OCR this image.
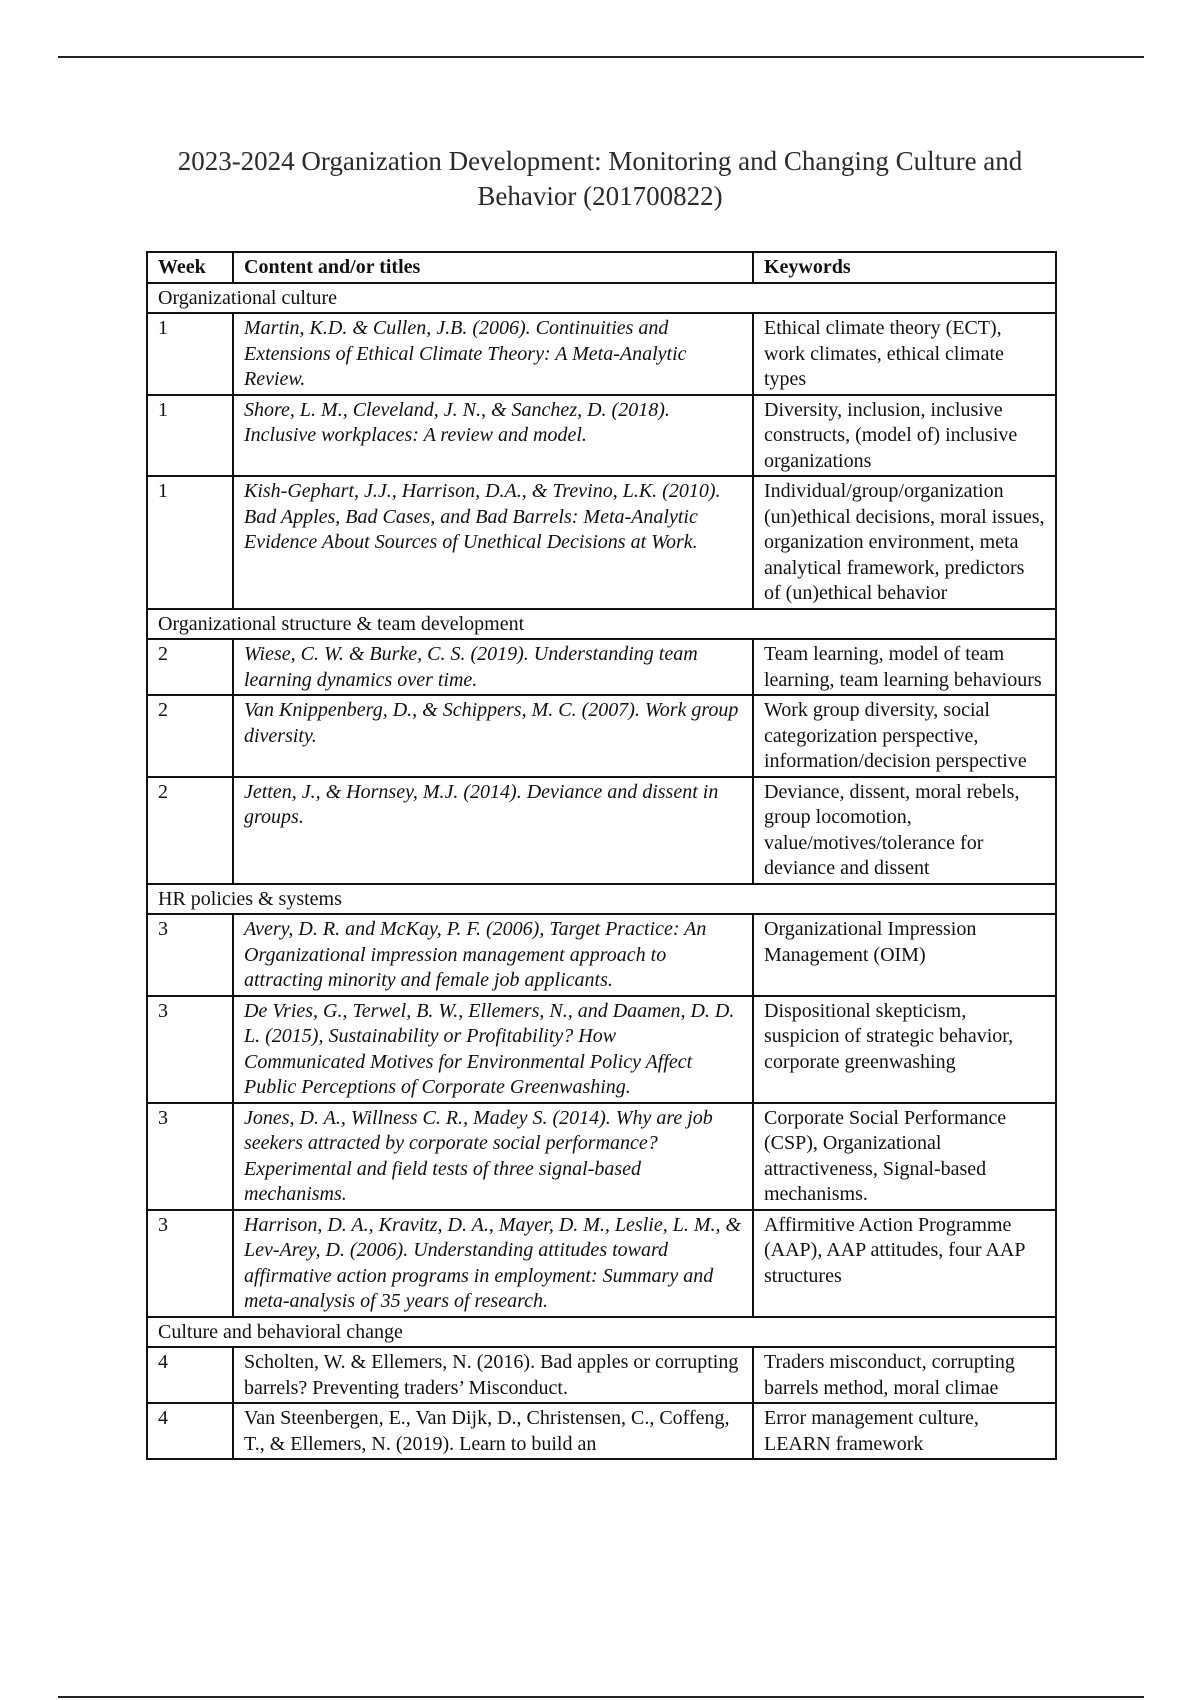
2023-2024 Organization Development: Monitoring and Changing Culture and
Behavior (201700822)
Week	Content and/or titles	Keywords
Organizational culture		
1	Martin, K.D. & Cullen, J.B. (2006). Continuities and Extensions of Ethical Climate Theory: A Meta-Analytic Review.	Ethical climate theory (ECT), work climates, ethical climate types
1	Shore, L. M., Cleveland, J. N., & Sanchez, D. (2018). Inclusive workplaces: A review and model.	Diversity, inclusion, inclusive constructs, (model of) inclusive organizations
1	Kish-Gephart, J.J., Harrison, D.A., & Trevino, L.K. (2010). Bad Apples, Bad Cases, and Bad Barrels: Meta-Analytic Evidence About Sources of Unethical Decisions at Work.	Individual/group/organization (un)ethical decisions, moral issues, organization environment, meta analytical framework, predictors of (un)ethical behavior
Organizational structure & team development		
2	Wiese, C. W. & Burke, C. S. (2019). Understanding team learning dynamics over time.	Team learning, model of team learning, team learning behaviours
2	Van Knippenberg, D., & Schippers, M. C. (2007). Work group diversity.	Work group diversity, social categorization perspective, information/decision perspective
2	Jetten, J., & Hornsey, M.J. (2014). Deviance and dissent in groups.	Deviance, dissent, moral rebels, group locomotion, value/motives/tolerance for deviance and dissent
HR policies & systems		
3	Avery, D. R. and McKay, P. F. (2006), Target Practice: An Organizational impression management approach to attracting minority and female job applicants.	Organizational Impression Management (OIM)
3	De Vries, G., Terwel, B. W., Ellemers, N., and Daamen, D. D. L. (2015), Sustainability or Profitability? How Communicated Motives for Environmental Policy Affect Public Perceptions of Corporate Greenwashing.	Dispositional skepticism, suspicion of strategic behavior, corporate greenwashing
3	Jones, D. A., Willness C. R., Madey S. (2014). Why are job seekers attracted by corporate social performance? Experimental and field tests of three signal-based mechanisms.	Corporate Social Performance (CSP), Organizational attractiveness, Signal-based mechanisms.
3	Harrison, D. A., Kravitz, D. A., Mayer, D. M., Leslie, L. M., & Lev-Arey, D. (2006). Understanding attitudes toward affirmative action programs in employment: Summary and meta-analysis of 35 years of research.	Affirmitive Action Programme (AAP), AAP attitudes, four AAP structures
Culture and behavioral change		
4	Scholten, W. & Ellemers, N. (2016). Bad apples or corrupting barrels? Preventing traders’ Misconduct.	Traders misconduct, corrupting barrels method, moral climae
4	Van Steenbergen, E., Van Dijk, D., Christensen, C., Coffeng, T., & Ellemers, N. (2019). Learn to build an	Error management culture, LEARN framework
